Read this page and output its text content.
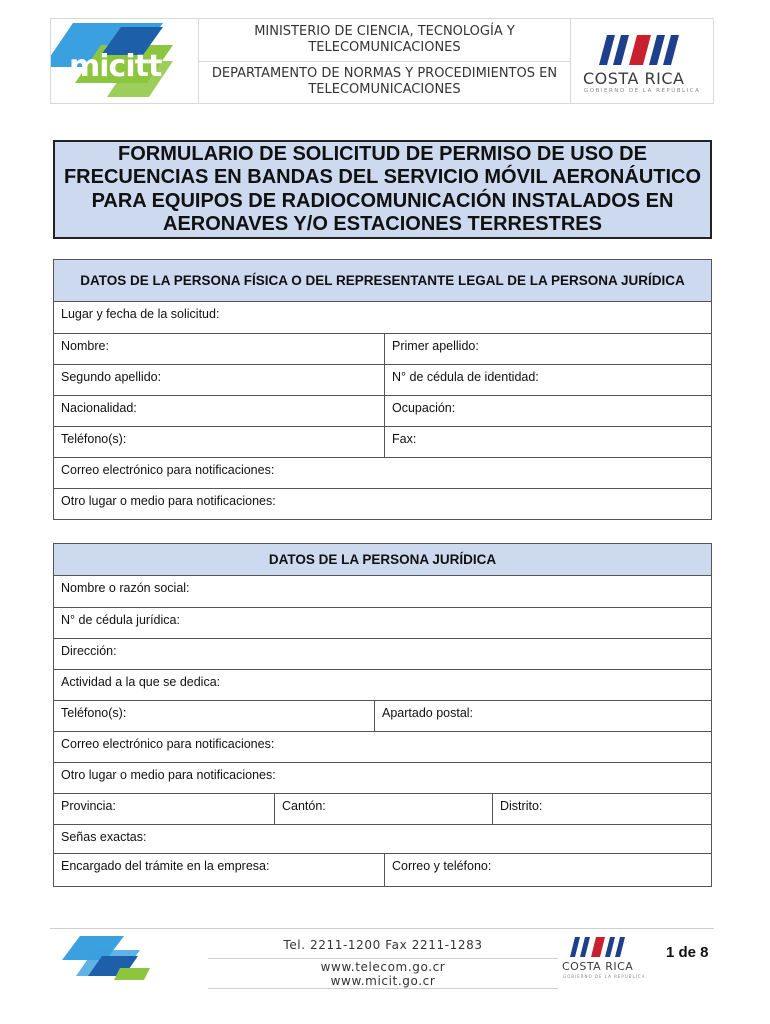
micitt
MINISTERIO DE CIENCIA, TECNOLOGÍA Y TELECOMUNICACIONES
DEPARTAMENTO DE NORMAS Y PROCEDIMIENTOS EN TELECOMUNICACIONES
COSTA RICA
GOBIERNO DE LA REPÚBLICA
FORMULARIO DE SOLICITUD DE PERMISO DE USO DE FRECUENCIAS EN BANDAS DEL SERVICIO MÓVIL AERONÁUTICO PARA EQUIPOS DE RADIOCOMUNICACIÓN INSTALADOS EN AERONAVES Y/O ESTACIONES TERRESTRES
DATOS DE LA PERSONA FÍSICA O DEL REPRESENTANTE LEGAL DE LA PERSONA JURÍDICA
Lugar y fecha de la solicitud:
Nombre:	Primer apellido:
Segundo apellido:	N° de cédula de identidad:
Nacionalidad:	Ocupación:
Teléfono(s):	Fax:
Correo electrónico para notificaciones:
Otro lugar o medio para notificaciones:
DATOS DE LA PERSONA JURÍDICA
Nombre o razón social:
N° de cédula jurídica:
Dirección:
Actividad a la que se dedica:
Teléfono(s):	Apartado postal:
Correo electrónico para notificaciones:
Otro lugar o medio para notificaciones:
Provincia:	Cantón:	Distrito:
Señas exactas:
Encargado del trámite en la empresa:	Correo y teléfono:
Tel. 2211-1200 Fax 2211-1283
www.telecom.go.cr
www.micit.go.cr
COSTA RICA
GOBIERNO DE LA REPÚBLICA
1 de 8
